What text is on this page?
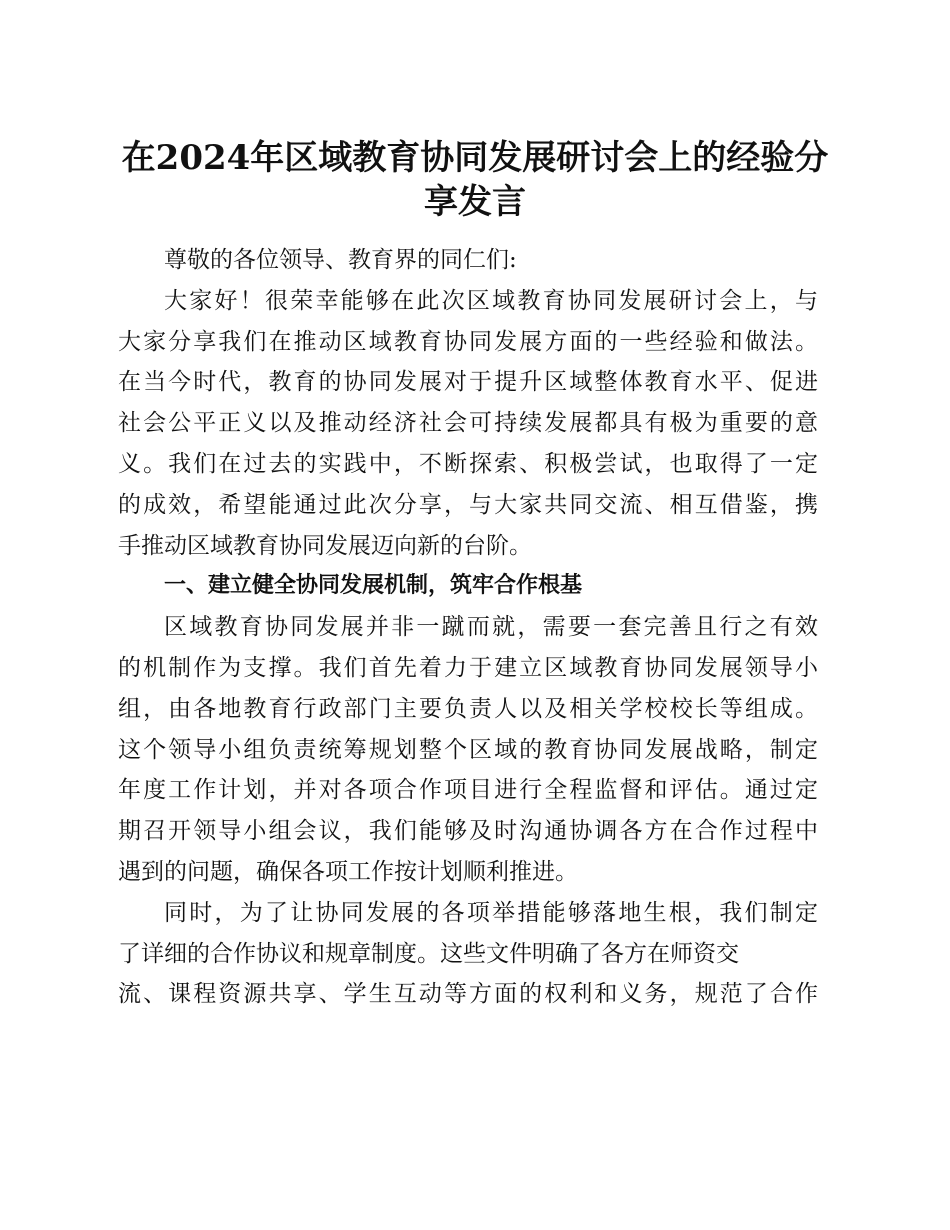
在2024年区域教育协同发展研讨会上的经验分
享发言
尊敬的各位领导、教育界的同仁们:
大家好！很荣幸能够在此次区域教育协同发展研讨会上，与
大家分享我们在推动区域教育协同发展方面的一些经验和做法。
在当今时代，教育的协同发展对于提升区域整体教育水平、促进
社会公平正义以及推动经济社会可持续发展都具有极为重要的意
义。我们在过去的实践中，不断探索、积极尝试，也取得了一定
的成效，希望能通过此次分享，与大家共同交流、相互借鉴，携
手推动区域教育协同发展迈向新的台阶。
一、建立健全协同发展机制，筑牢合作根基
区域教育协同发展并非一蹴而就，需要一套完善且行之有效
的机制作为支撑。我们首先着力于建立区域教育协同发展领导小
组，由各地教育行政部门主要负责人以及相关学校校长等组成。
这个领导小组负责统筹规划整个区域的教育协同发展战略，制定
年度工作计划，并对各项合作项目进行全程监督和评估。通过定
期召开领导小组会议，我们能够及时沟通协调各方在合作过程中
遇到的问题，确保各项工作按计划顺利推进。
同时，为了让协同发展的各项举措能够落地生根，我们制定
了详细的合作协议和规章制度。这些文件明确了各方在师资交
流、课程资源共享、学生互动等方面的权利和义务，规范了合作
